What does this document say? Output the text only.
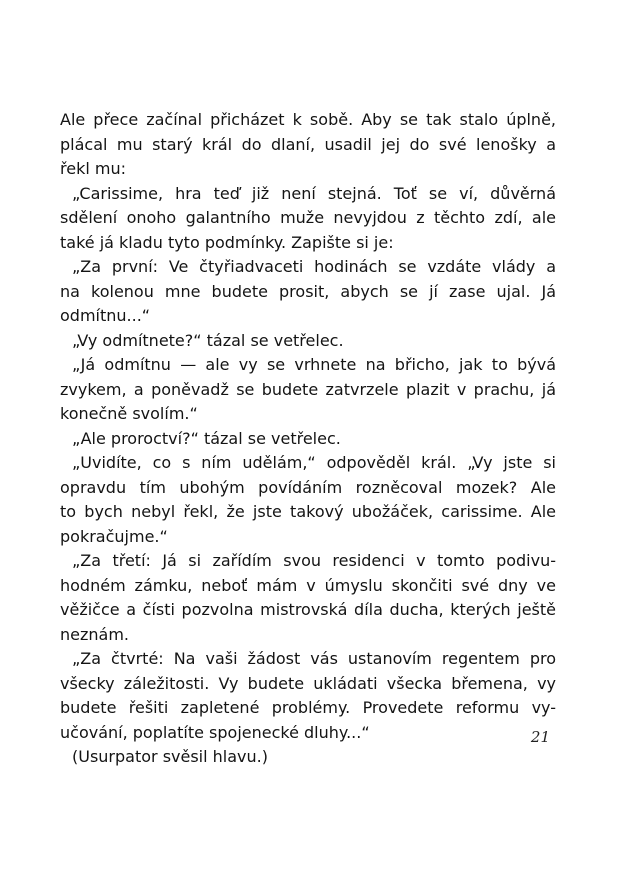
Ale přece začínal přicházet k sobě. Aby se tak stalo úplně,
plácal mu starý král do dlaní, usadil jej do své lenošky a
řekl mu:
„Carissime, hra teď již není stejná. Toť se ví, důvěrná
sdělení onoho galantního muže nevyjdou z těchto zdí, ale
také já kladu tyto podmínky. Zapište si je:
„Za první: Ve čtyřiadvaceti hodinách se vzdáte vlády a
na kolenou mne budete prosit, abych se jí zase ujal. Já
odmítnu...“
„Vy odmítnete?“ tázal se vetřelec.
„Já odmítnu — ale vy se vrhnete na břicho, jak to bývá
zvykem, a poněvadž se budete zatvrzele plazit v prachu, já
konečně svolím.“
„Ale proroctví?“ tázal se vetřelec.
„Uvidíte, co s ním udělám,“ odpověděl král. „Vy jste si
opravdu tím ubohým povídáním rozněcoval mozek? Ale
to bych nebyl řekl, že jste takový ubožáček, carissime. Ale
pokračujme.“
„Za třetí: Já si zařídím svou residenci v tomto podivu-
hodném zámku, neboť mám v úmyslu skončiti své dny ve
věžičce a čísti pozvolna mistrovská díla ducha, kterých ještě
neznám.
„Za čtvrté: Na vaši žádost vás ustanovím regentem pro
všecky záležitosti. Vy budete ukládati všecka břemena, vy
budete řešiti zapletené problémy. Provedete reformu vy-
učování, poplatíte spojenecké dluhy...“
(Usurpator svěsil hlavu.)
21
